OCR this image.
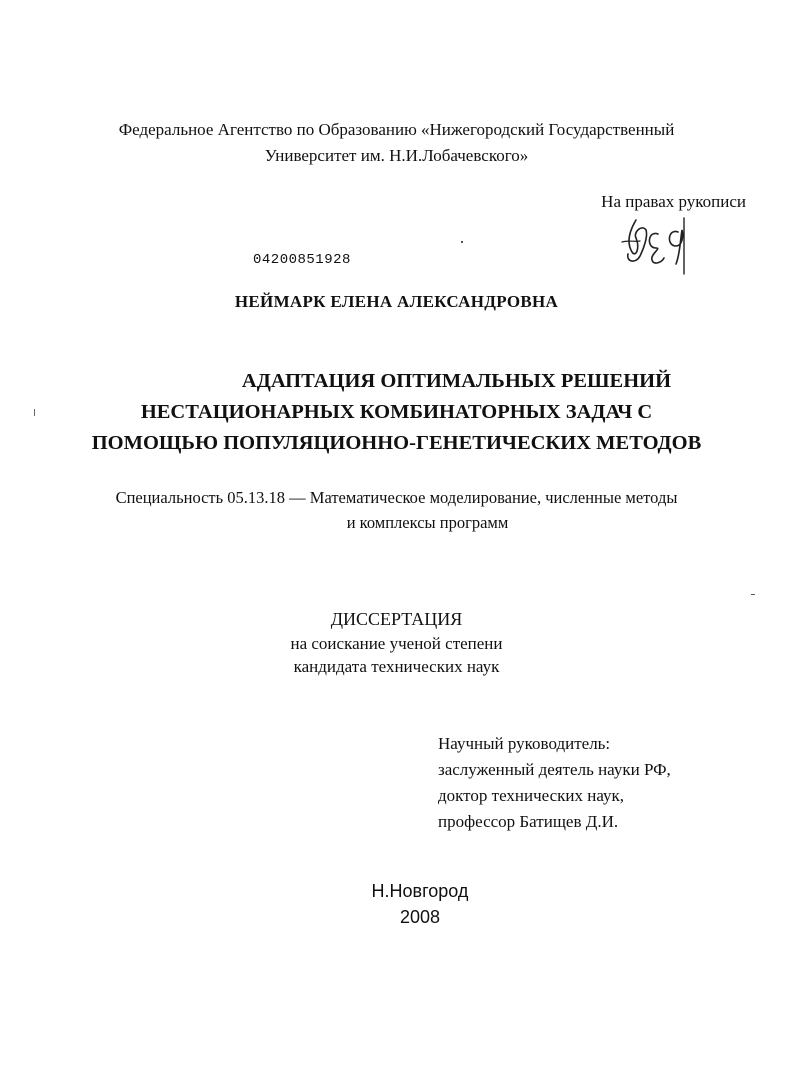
Федеральное Агентство по Образованию «Нижегородский Государственный
Университет им. Н.И.Лобачевского»
На правах рукописи
04200851928
НЕЙМАРК ЕЛЕНА АЛЕКСАНДРОВНА
АДАПТАЦИЯ ОПТИМАЛЬНЫХ РЕШЕНИЙ
НЕСТАЦИОНАРНЫХ КОМБИНАТОРНЫХ ЗАДАЧ С
ПОМОЩЬЮ ПОПУЛЯЦИОННО-ГЕНЕТИЧЕСКИХ МЕТОДОВ
Специальность 05.13.18 — Математическое моделирование, численные методы
и комплексы программ
ДИССЕРТАЦИЯ
на соискание ученой степени
кандидата технических наук
Научный руководитель:
заслуженный деятель науки РФ,
доктор технических наук,
профессор Батищев Д.И.
Н.Новгород
2008
